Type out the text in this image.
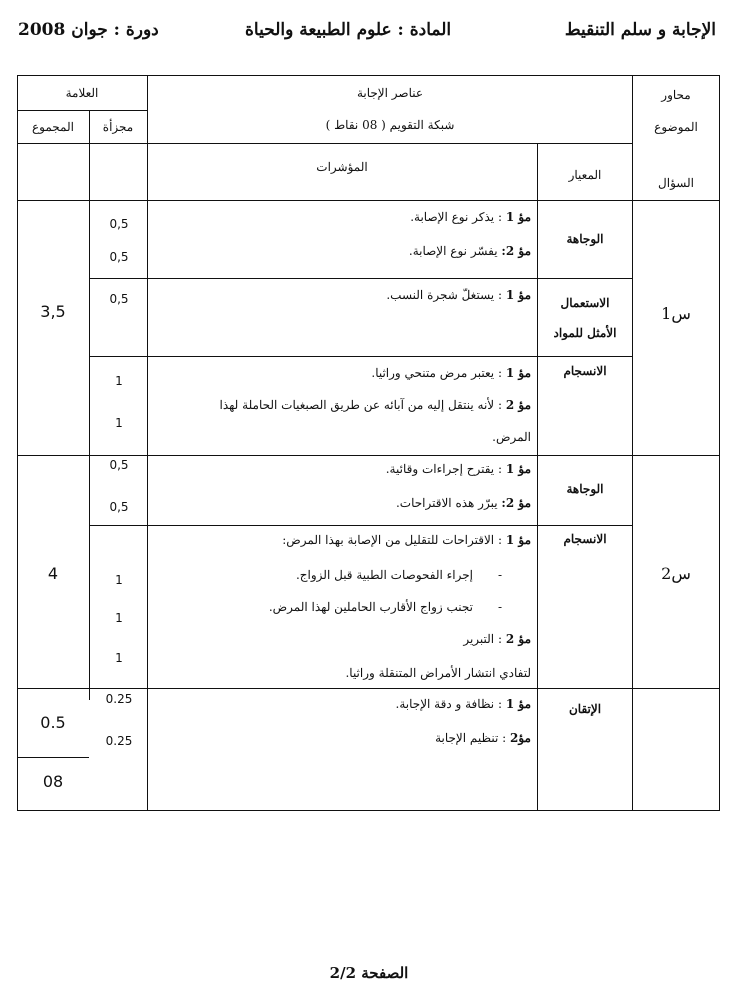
الإجابة و سلم التنقيط
المادة : علوم الطبيعة والحياة
دورة : جوان 2008
محاور
الموضوع
السؤال
عناصر الإجابة
شبكة التقويم ( 08 نقاط )
المعيار
المؤشرات
العلامة
مجزأة
المجموع
س1
3,5
الوجاهة
الاستعمال
الأمثل للمواد
الانسجام
مؤ 1 : يذكر نوع الإصابة.
مؤ 2: يفسّر نوع الإصابة.
مؤ 1 : يستغلّ شجرة النسب.
مؤ 1 : يعتبر مرض متنحي وراثيا.
مؤ 2 : لأنه ينتقل إليه من آبائه عن طريق الصبغيات الحاملة لهذا
المرض.
0,5
0,5
0,5
1
1
س2
4
الوجاهة
الانسجام
مؤ 1 : يقترح إجراءات وقائية.
مؤ 2: يبرّر هذه الاقتراحات.
مؤ 1 : الاقتراحات للتقليل من الإصابة بهذا المرض:
إجراء الفحوصات الطبية قبل الزواج. -
تجنب زواج الأقارب الحاملين لهذا المرض. -
مؤ 2 : التبرير
لتفادي انتشار الأمراض المتنقلة وراثيا.
0,5
0,5
1
1
1
الإتقان
مؤ 1 : نظافة و دقة الإجابة.
مؤ2 : تنظيم الإجابة
0.25
0.25
0.5
08
الصفحة 2/2
